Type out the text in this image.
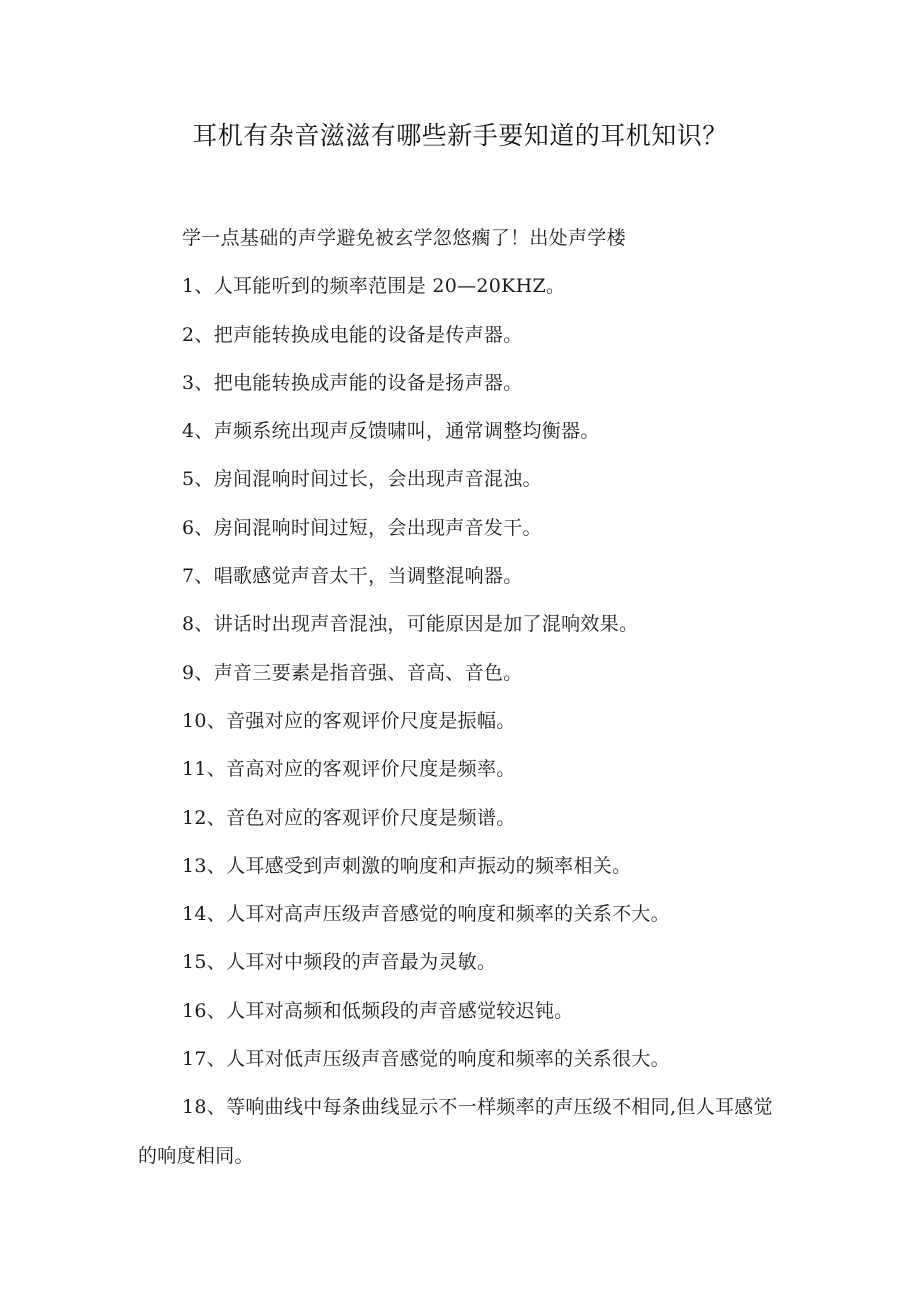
耳机有杂音滋滋有哪些新手要知道的耳机知识？

学一点基础的声学避免被玄学忽悠瘸了！出处声学楼

1、人耳能听到的频率范围是 20—20KHZ。

2、把声能转换成电能的设备是传声器。

3、把电能转换成声能的设备是扬声器。

4、声频系统出现声反馈啸叫，通常调整均衡器。

5、房间混响时间过长，会出现声音混浊。

6、房间混响时间过短，会出现声音发干。

7、唱歌感觉声音太干，当调整混响器。

8、讲话时出现声音混浊，可能原因是加了混响效果。

9、声音三要素是指音强、音高、音色。

10、音强对应的客观评价尺度是振幅。

11、音高对应的客观评价尺度是频率。

12、音色对应的客观评价尺度是频谱。

13、人耳感受到声刺激的响度和声振动的频率相关。

14、人耳对高声压级声音感觉的响度和频率的关系不大。

15、人耳对中频段的声音最为灵敏。

16、人耳对高频和低频段的声音感觉较迟钝。

17、人耳对低声压级声音感觉的响度和频率的关系很大。

18、等响曲线中每条曲线显示不一样频率的声压级不相同,但人耳感觉的响度相同。
